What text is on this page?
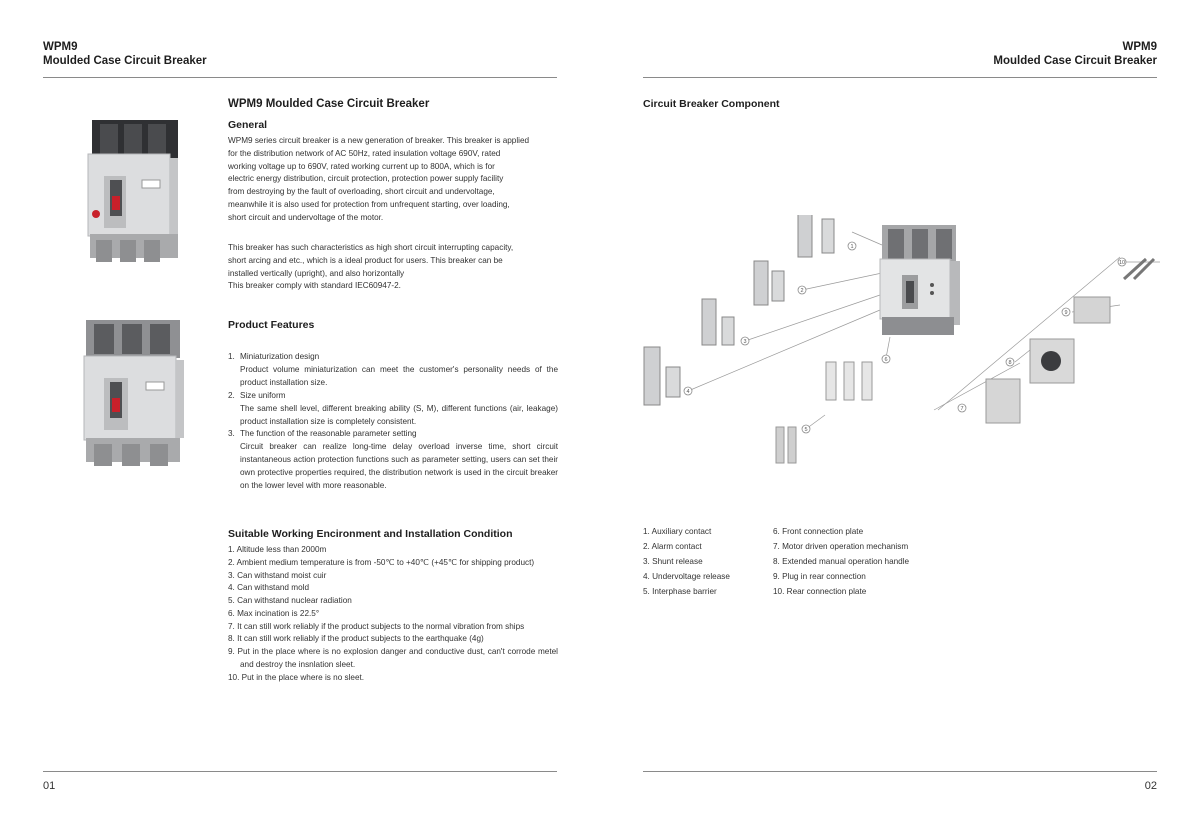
WPM9
Moulded Case Circuit Breaker
WPM9
Moulded Case Circuit Breaker
WPM9 Moulded Case Circuit Breaker
General
WPM9 series circuit breaker is a new generation of breaker. This breaker is applied
for the distribution network of AC 50Hz, rated insulation voltage 690V, rated
working voltage up to 690V, rated working current up to 800A, which is for
electric energy distribution, circuit protection, protection power supply facility
from destroying by the fault of overloading, short circuit and undervoltage,
meanwhile it is also used for protection from unfrequent starting, over loading,
short circuit and undervoltage of the motor.
This breaker has such characteristics as high short circuit interrupting capacity,
short arcing and etc., which is a ideal product for users. This breaker can be
installed vertically (upright), and also horizontally
This breaker comply with standard IEC60947-2.
Product Features
1. Miniaturization design
Product volume miniaturization can meet the customer's personality needs of the product installation size.
2. Size uniform
The same shell level, different breaking ability (S, M), different functions (air, leakage) product installation size is completely consistent.
3. The function of the reasonable parameter setting
Circuit breaker can realize long-time delay overload inverse time, short circuit instantaneous action protection functions such as parameter setting, users can set their own protective properties required, the distribution network is used in the circuit breaker on the lower level with more reasonable.
Suitable Working Encironment and Installation Condition
1. Altitude less than 2000m
2. Ambient medium temperature is from -50℃ to +40℃ (+45℃ for shipping product)
3. Can withstand moist cuir
4. Can withstand mold
5. Can withstand nuclear radiation
6. Max incination is 22.5°
7. It can still work reliably if the product subjects to the normal vibration from ships
8. It can still work reliably if the product subjects to the earthquake (4g)
9. Put in the place where is no explosion danger and conductive dust, can't corrode metel and destroy the insnlation sleet.
10. Put in the place where is no sleet.
Circuit Breaker Component
1
2
3
4
5
6
7
8
9
10
1. Auxiliary contact
2. Alarm contact
3. Shunt release
4. Undervoltage release
5. Interphase barrier
6. Front connection plate
7. Motor driven operation mechanism
8. Extended manual operation handle
9. Plug in rear connection
10. Rear connection plate
01	02
